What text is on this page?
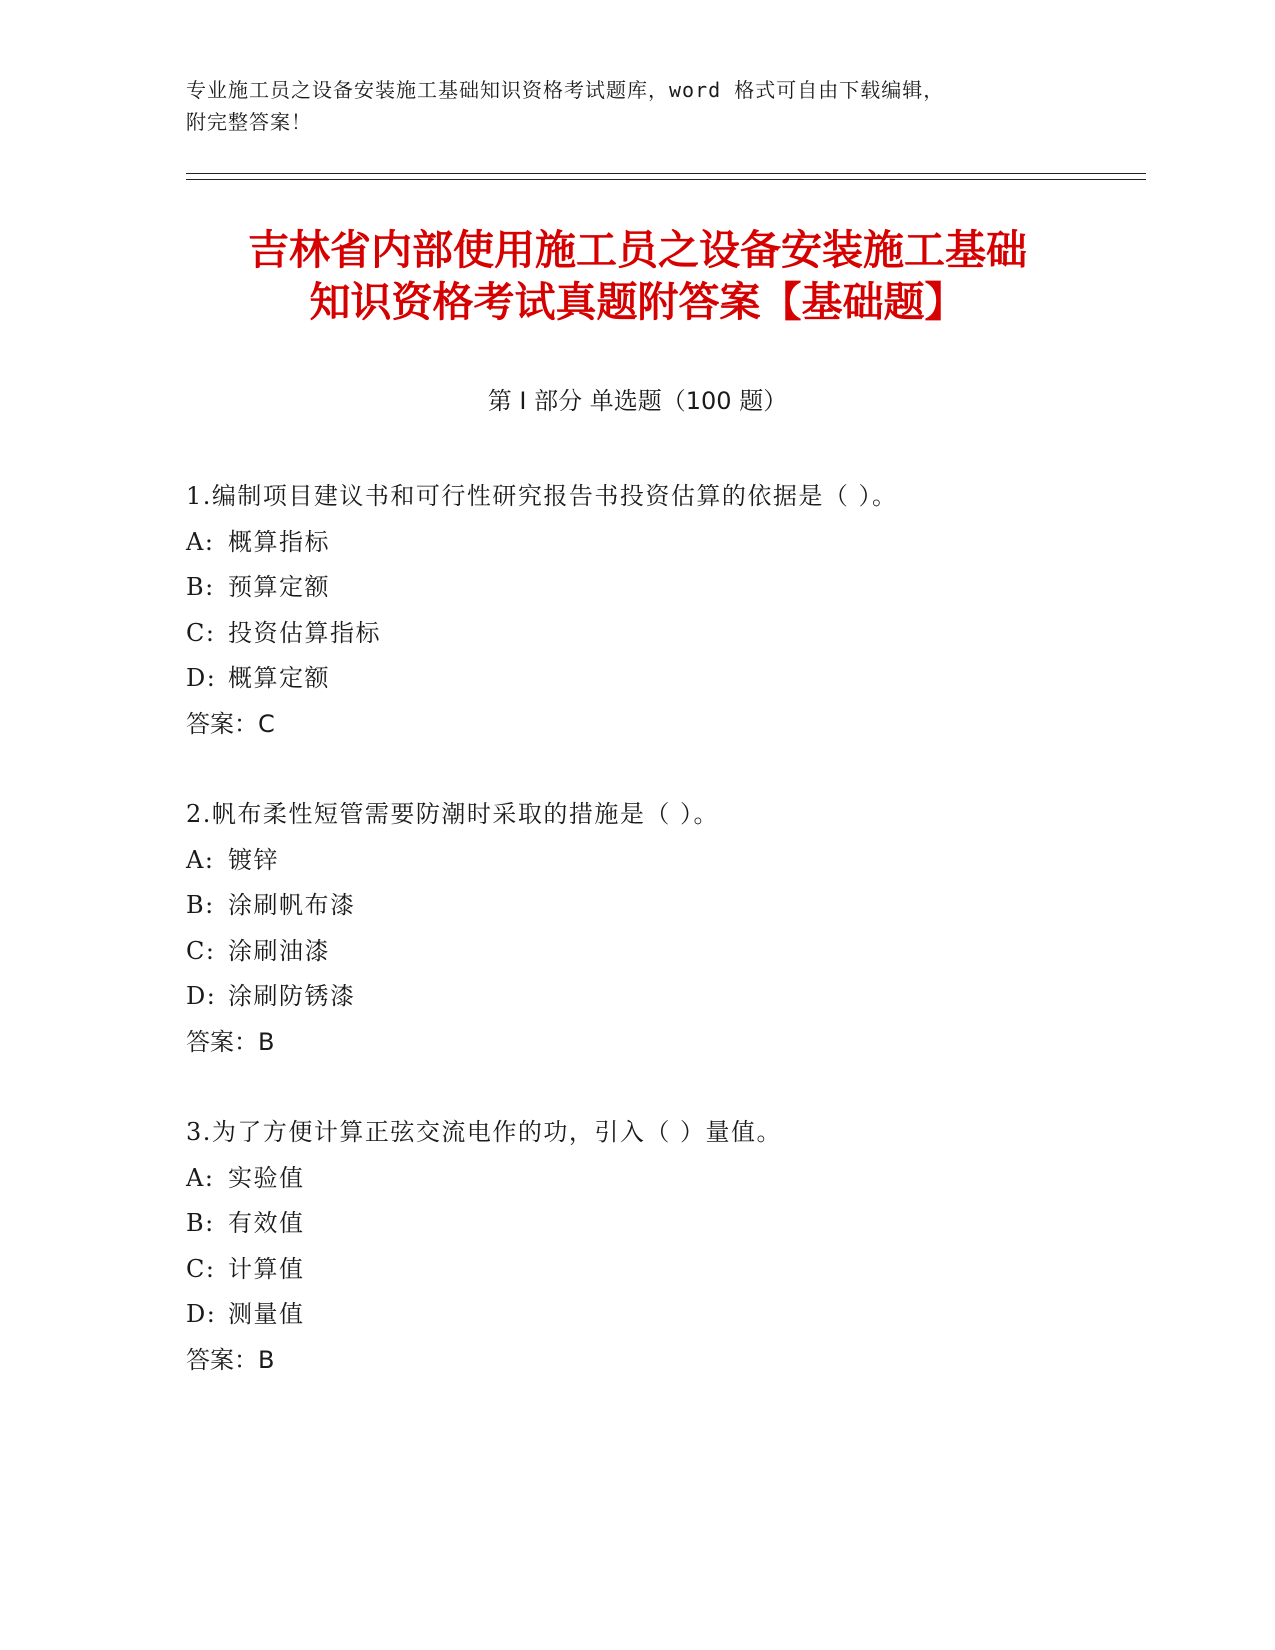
专业施工员之设备安装施工基础知识资格考试题库，word 格式可自由下载编辑，
附完整答案！
吉林省内部使用施工员之设备安装施工基础
知识资格考试真题附答案【基础题】
第 I 部分 单选题（100 题）
1.编制项目建议书和可行性研究报告书投资估算的依据是（ ）。
A: 概算指标
B: 预算定额
C: 投资估算指标
D: 概算定额
答案：C
2.帆布柔性短管需要防潮时采取的措施是（ ）。
A: 镀锌
B: 涂刷帆布漆
C: 涂刷油漆
D: 涂刷防锈漆
答案：B
3.为了方便计算正弦交流电作的功，引入（ ）量值。
A: 实验值
B: 有效值
C: 计算值
D: 测量值
答案：B
